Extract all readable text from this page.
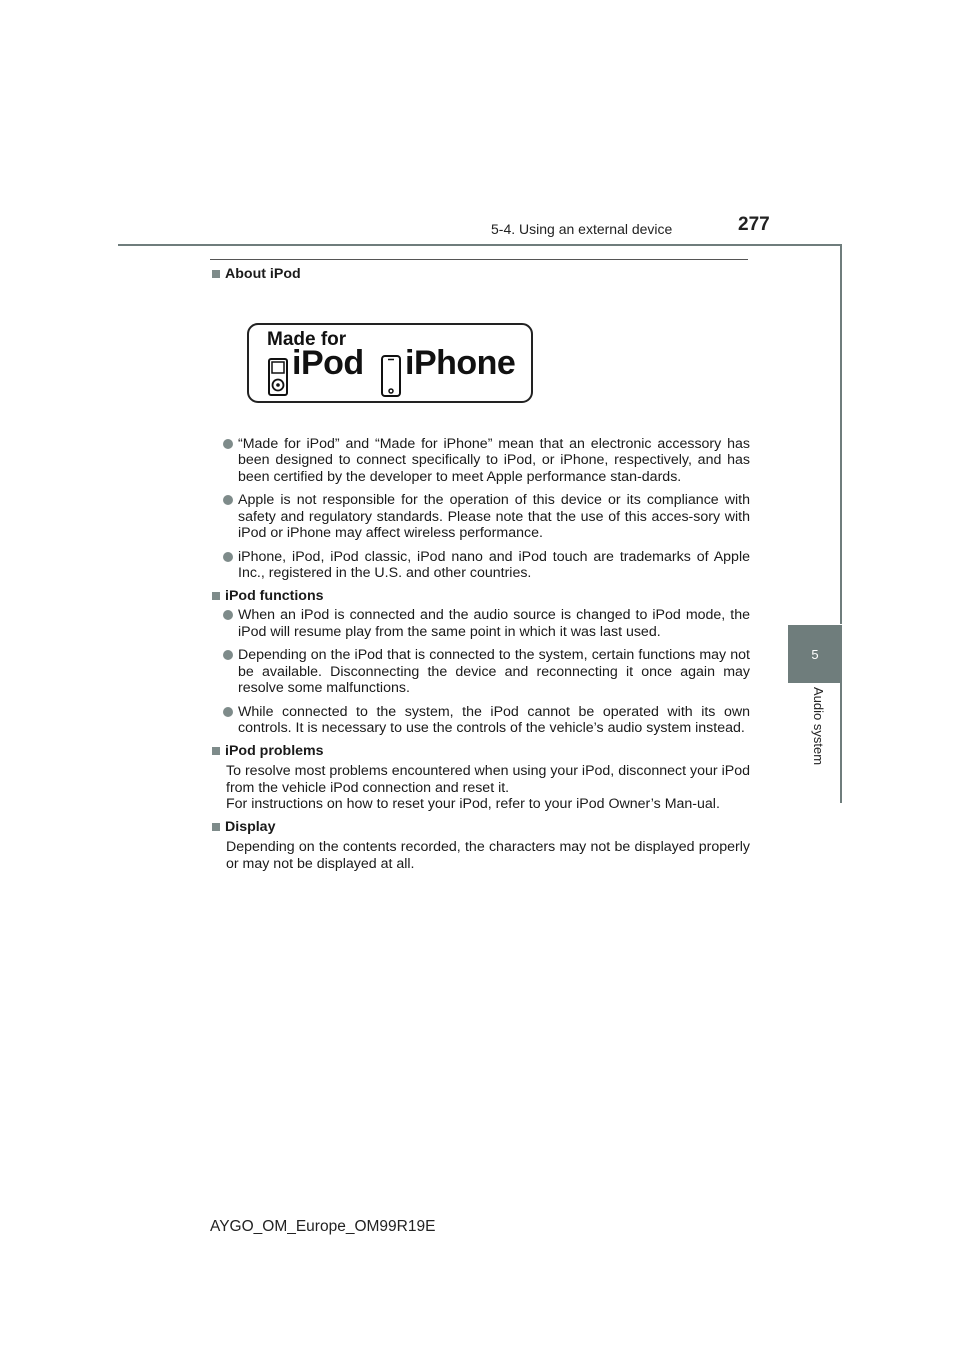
5-4. Using an external device	277
5
Audio system
About iPod
Made for
iPod iPhone
“Made for iPod” and “Made for iPhone” mean that an electronic accessory has been designed to connect specifically to iPod, or iPhone, respectively, and has been certified by the developer to meet Apple performance stan-dards.
Apple is not responsible for the operation of this device or its compliance with safety and regulatory standards. Please note that the use of this acces-sory with iPod or iPhone may affect wireless performance.
iPhone, iPod, iPod classic, iPod nano and iPod touch are trademarks of Apple Inc., registered in the U.S. and other countries.
iPod functions
When an iPod is connected and the audio source is changed to iPod mode, the iPod will resume play from the same point in which it was last used.
Depending on the iPod that is connected to the system, certain functions may not be available. Disconnecting the device and reconnecting it once again may resolve some malfunctions.
While connected to the system, the iPod cannot be operated with its own controls. It is necessary to use the controls of the vehicle’s audio system instead.
iPod problems
To resolve most problems encountered when using your iPod, disconnect your iPod from the vehicle iPod connection and reset it.
For instructions on how to reset your iPod, refer to your iPod Owner’s Man-ual.
Display
Depending on the contents recorded, the characters may not be displayed properly or may not be displayed at all.
AYGO_OM_Europe_OM99R19E
